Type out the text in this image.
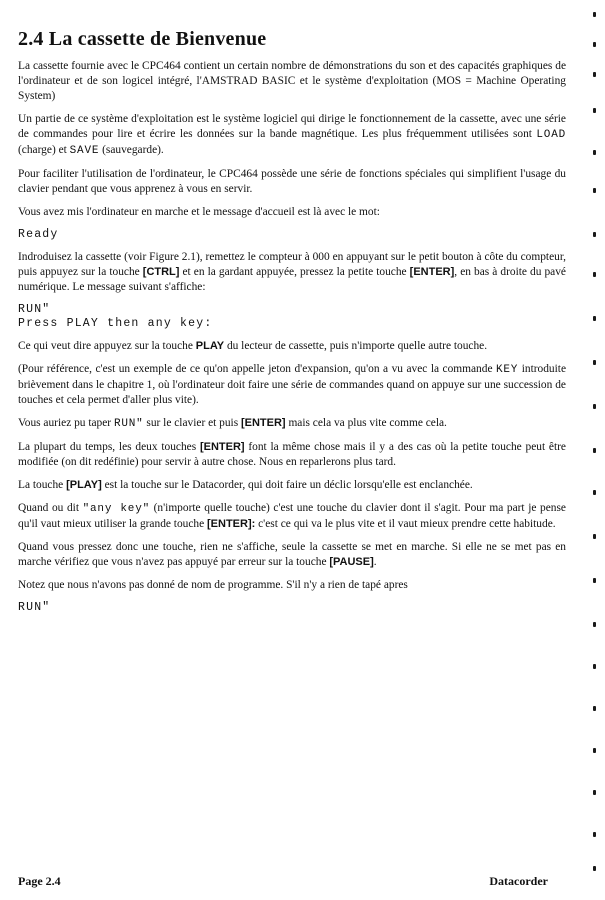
2.4 La cassette de Bienvenue

La cassette fournie avec le CPC464 contient un certain nombre de démonstrations du son et des capacités graphiques de l'ordinateur et de son logicel intégré, l'AMSTRAD BASIC et le système d'exploitation (MOS = Machine Operating System)

Un partie de ce système d'exploitation est le système logiciel qui dirige le fonctionnement de la cassette, avec une série de commandes pour lire et écrire les données sur la bande magnétique. Les plus fréquemment utilisées sont LOAD (charge) et SAVE (sauvegarde).

Pour faciliter l'utilisation de l'ordinateur, le CPC464 possède une série de fonctions spéciales qui simplifient l'usage du clavier pendant que vous apprenez à vous en servir.

Vous avez mis l'ordinateur en marche et le message d'accueil est là avec le mot:

Ready

Indroduisez la cassette (voir Figure 2.1), remettez le compteur à 000 en appuyant sur le petit bouton à côte du compteur, puis appuyez sur la touche [CTRL] et en la gardant appuyée, pressez la petite touche [ENTER], en bas à droite du pavé numérique. Le message suivant s'affiche:

RUN"
Press PLAY then any key:

Ce qui veut dire appuyez sur la touche PLAY du lecteur de cassette, puis n'importe quelle autre touche.

(Pour référence, c'est un exemple de ce qu'on appelle jeton d'expansion, qu'on a vu avec la commande KEY introduite brièvement dans le chapitre 1, où l'ordinateur doit faire une série de commandes quand on appuye sur une succession de touches et cela permet d'aller plus vite).

Vous auriez pu taper RUN" sur le clavier et puis [ENTER] mais cela va plus vite comme cela.

La plupart du temps, les deux touches [ENTER] font la même chose mais il y a des cas où la petite touche peut être modifiée (on dit redéfinie) pour servir à autre chose. Nous en reparlerons plus tard.

La touche [PLAY] est la touche sur le Datacorder, qui doit faire un déclic lorsqu'elle est enclanchée.

Quand ou dit "any key" (n'importe quelle touche) c'est une touche du clavier dont il s'agit. Pour ma part je pense qu'il vaut mieux utiliser la grande touche [ENTER]: c'est ce qui va le plus vite et il vaut mieux prendre cette habitude.

Quand vous pressez donc une touche, rien ne s'affiche, seule la cassette se met en marche. Si elle ne se met pas en marche vérifiez que vous n'avez pas appuyé par erreur sur la touche [PAUSE].

Notez que nous n'avons pas donné de nom de programme. S'il n'y a rien de tapé apres

RUN"
Page 2.4	Datacorder
